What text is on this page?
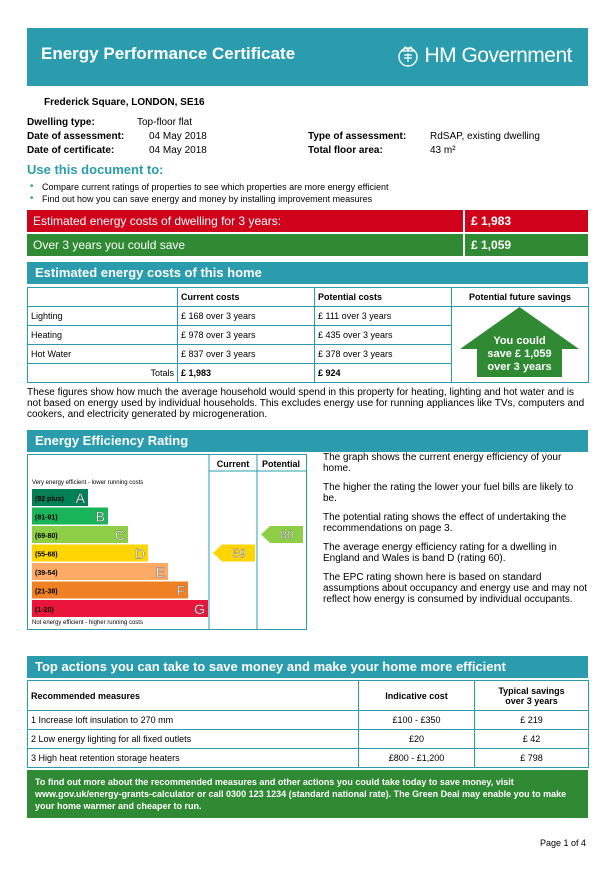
Energy Performance Certificate	HM Government
Frederick Square, LONDON, SE16
Dwelling type:	Top-floor flat
Date of assessment: 04 May 2018
Date of certificate:	04 May 2018
Type of assessment: RdSAP, existing dwelling
Total floor area:	43 m²
Use this document to:
• Compare current ratings of properties to see which properties are more energy efficient
• Find out how you can save energy and money by installing improvement measures
Estimated energy costs of dwelling for 3 years:	£ 1,983
Over 3 years you could save	£ 1,059
Estimated energy costs of this home
	Current costs	Potential costs	Potential future savings
Lighting	£ 168 over 3 years	£ 111 over 3 years	
Heating	£ 978 over 3 years	£ 435 over 3 years	
Hot Water	£ 837 over 3 years	£ 378 over 3 years	
Totals	£ 1,983	£ 924	
You could
save £ 1,059
over 3 years
These figures show how much the average household would spend in this property for heating, lighting and hot water and is not based on energy used by individual households. This excludes energy use for running appliances like TVs, computers and cookers, and electricity generated by microgeneration.
Energy Efficiency Rating
Current Potential
Very energy efficient - lower running costs
Not energy efficient - higher running costs
(92 plus) A
(81-91)	B
(69-80)	C
(55-68)	D
(39-54)	E
(21-38)	F
(1-20)	G
59
80

The graph shows the current energy efficiency of your home.

The higher the rating the lower your fuel bills are likely to be.

The potential rating shows the effect of undertaking the recommendations on page 3.

The average energy efficiency rating for a dwelling in England and Wales is band D (rating 60).

The EPC rating shown here is based on standard assumptions about occupancy and energy use and may not reflect how energy is consumed by individual occupants.

Top actions you can take to save money and make your home more efficient
Recommended measures	Indicative cost	Typical savings over 3 years
1 Increase loft insulation to 270 mm	£100 - £350	£ 219
2 Low energy lighting for all fixed outlets	£20	£ 42
3 High heat retention storage heaters	£800 - £1,200	£ 798
To find out more about the recommended measures and other actions you could take today to save money, visit www.gov.uk/energy-grants-calculator or call 0300 123 1234 (standard national rate). The Green Deal may enable you to make your home warmer and cheaper to run.
Page 1 of 4
